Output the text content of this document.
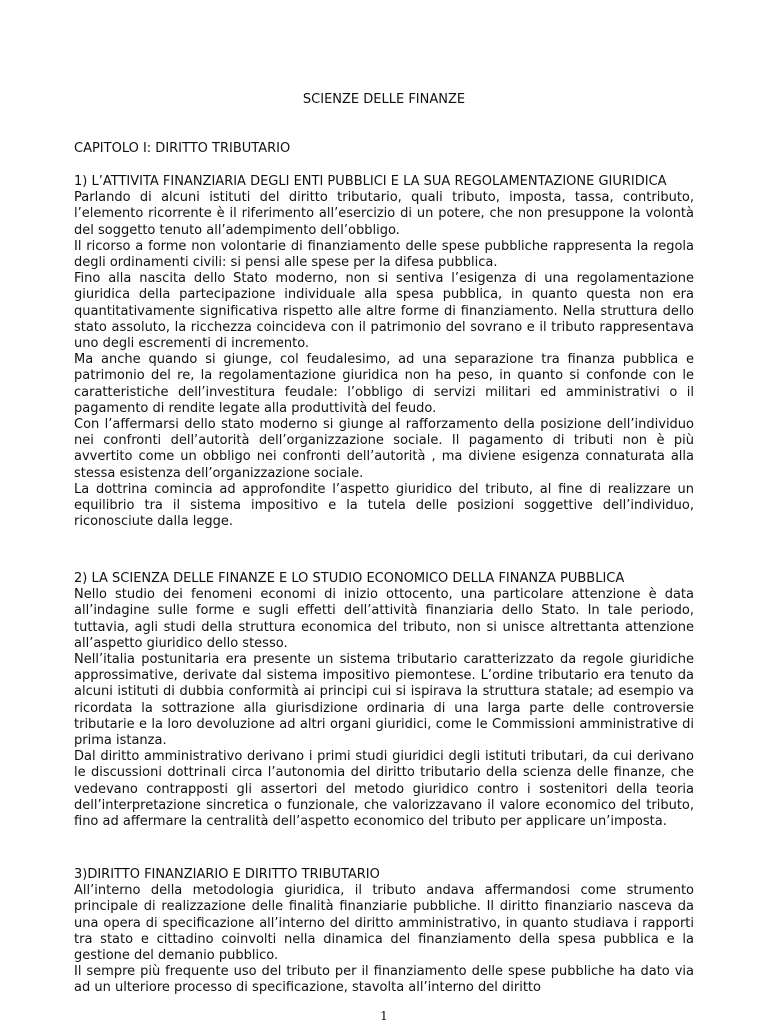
SCIENZE DELLE FINANZE
CAPITOLO I: DIRITTO TRIBUTARIO

1) L’ATTIVITA FINANZIARIA DEGLI ENTI PUBBLICI E LA SUA REGOLAMENTAZIONE GIURIDICA

Parlando di alcuni istituti del diritto tributario, quali tributo, imposta, tassa, contributo, l’elemento ricorrente è il riferimento all’esercizio di un potere, che non presuppone la volontà del soggetto tenuto all’adempimento dell’obbligo.

Il ricorso a forme non volontarie di finanziamento delle spese pubbliche rappresenta la regola degli ordinamenti civili: si pensi alle spese per la difesa pubblica.

Fino alla nascita dello Stato moderno, non si sentiva l’esigenza di una regolamentazione giuridica della partecipazione individuale alla spesa pubblica, in quanto questa non era quantitativamente significativa rispetto alle altre forme di finanziamento. Nella struttura dello stato assoluto, la ricchezza coincideva con il patrimonio del sovrano e il tributo rappresentava uno degli escrementi di incremento.

Ma anche quando si giunge, col feudalesimo, ad una separazione tra finanza pubblica e patrimonio del re, la regolamentazione giuridica non ha peso, in quanto si confonde con le caratteristiche dell’investitura feudale: l’obbligo di servizi militari ed amministrativi o il pagamento di rendite legate alla produttività del feudo.

Con l’affermarsi dello stato moderno si giunge al rafforzamento della posizione dell’individuo nei confronti dell’autorità dell’organizzazione sociale. Il pagamento di tributi non è più avvertito come un obbligo nei confronti dell’autorità , ma diviene esigenza connaturata alla stessa esistenza dell’organizzazione sociale.

La dottrina comincia ad approfondite l’aspetto giuridico del tributo, al fine di realizzare un equilibrio tra il sistema impositivo e la tutela delle posizioni soggettive dell’individuo, riconosciute dalla legge.

2) LA SCIENZA DELLE FINANZE E LO STUDIO ECONOMICO DELLA FINANZA PUBBLICA

Nello studio dei fenomeni economi di inizio ottocento, una particolare attenzione è data all’indagine sulle forme e sugli effetti dell’attività finanziaria dello Stato. In tale periodo, tuttavia, agli studi della struttura economica del tributo, non si unisce altrettanta attenzione all’aspetto giuridico dello stesso.

Nell’italia postunitaria era presente un sistema tributario caratterizzato da regole giuridiche approssimative, derivate dal sistema impositivo piemontese. L’ordine tributario era tenuto da alcuni istituti di dubbia conformità ai principi cui si ispirava la struttura statale; ad esempio va ricordata la sottrazione alla giurisdizione ordinaria di una larga parte delle controversie tributarie e la loro devoluzione ad altri organi giuridici, come le Commissioni amministrative di prima istanza.

Dal diritto amministrativo derivano i primi studi giuridici degli istituti tributari, da cui derivano le discussioni dottrinali circa l’autonomia del diritto tributario della scienza delle finanze, che vedevano contrapposti gli assertori del metodo giuridico contro i sostenitori della teoria dell’interpretazione sincretica o funzionale, che valorizzavano il valore economico del tributo, fino ad affermare la centralità dell’aspetto economico del tributo per applicare un’imposta.

3)DIRITTO FINANZIARIO E DIRITTO TRIBUTARIO

All’interno della metodologia giuridica, il tributo andava affermandosi come strumento principale di realizzazione delle finalità finanziarie pubbliche. Il diritto finanziario nasceva da una opera di specificazione all’interno del diritto amministrativo, in quanto studiava i rapporti tra stato e cittadino coinvolti nella dinamica del finanziamento della spesa pubblica e la gestione del demanio pubblico.

Il sempre più frequente uso del tributo per il finanziamento delle spese pubbliche ha dato via ad un ulteriore processo di specificazione, stavolta all’interno del diritto

1
